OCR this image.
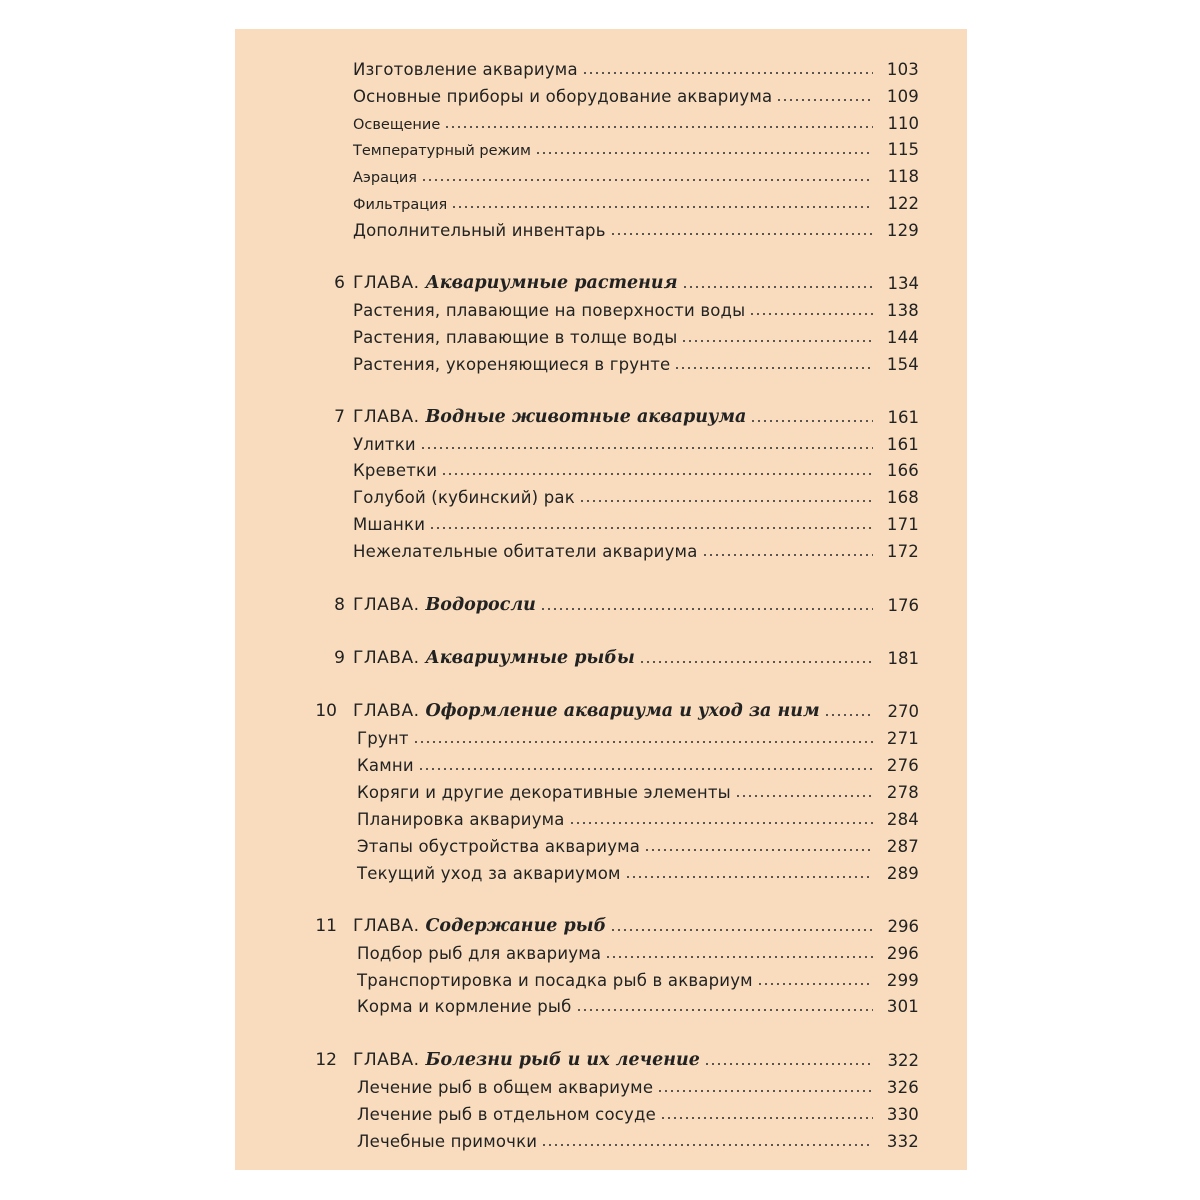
Изготовление аквариума	103
Основные приборы и оборудование аквариума	109
Освещение	110
Температурный режим	115
Аэрация	118
Фильтрация	122
Дополнительный инвентарь	129
6 ГЛАВА. Аквариумные растения	134
Растения, плавающие на поверхности воды	138
Растения, плавающие в толще воды	144
Растения, укореняющиеся в грунте	154
7 ГЛАВА. Водные животные аквариума	161
Улитки	161
Креветки	166
Голубой (кубинский) рак	168
Мшанки	171
Нежелательные обитатели аквариума	172
8 ГЛАВА. Водоросли	176
9 ГЛАВА. Аквариумные рыбы	181
10 ГЛАВА. Оформление аквариума и уход за ним	270
Грунт	271
Камни	276
Коряги и другие декоративные элементы	278
Планировка аквариума	284
Этапы обустройства аквариума	287
Текущий уход за аквариумом	289
11 ГЛАВА. Содержание рыб	296
Подбор рыб для аквариума	296
Транспортировка и посадка рыб в аквариум	299
Корма и кормление рыб	301
12 ГЛАВА. Болезни рыб и их лечение	322
Лечение рыб в общем аквариуме	326
Лечение рыб в отдельном сосуде	330
Лечебные примочки	332
